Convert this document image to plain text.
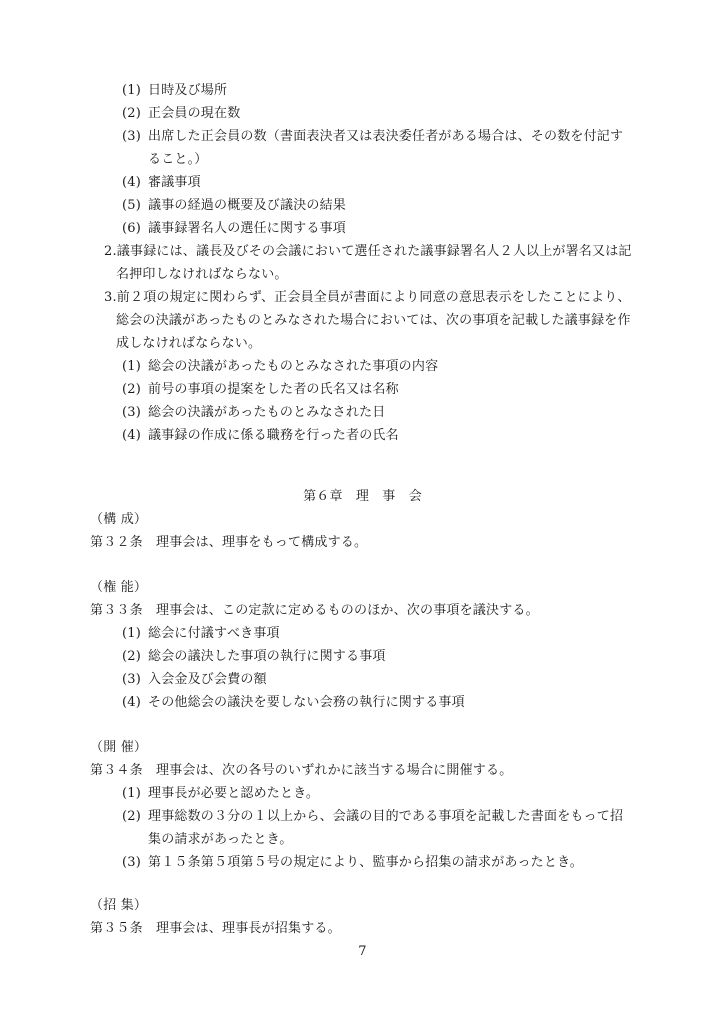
(1) 日時及び場所
(2) 正会員の現在数
(3) 出席した正会員の数（書面表決者又は表決委任者がある場合は、その数を付記す
ること。）
(4) 審議事項
(5) 議事の経過の概要及び議決の結果
(6) 議事録署名人の選任に関する事項
2.議事録には、議長及びその会議において選任された議事録署名人２人以上が署名又は記
名押印しなければならない。
3.前２項の規定に関わらず、正会員全員が書面により同意の意思表示をしたことにより、
総会の決議があったものとみなされた場合においては、次の事項を記載した議事録を作
成しなければならない。
(1) 総会の決議があったものとみなされた事項の内容
(2) 前号の事項の提案をした者の氏名又は名称
(3) 総会の決議があったものとみなされた日
(4) 議事録の作成に係る職務を行った者の氏名
第６章　理　事　会
（構 成）
第３２条　理事会は、理事をもって構成する。
（権 能）
第３３条　理事会は、この定款に定めるもののほか、次の事項を議決する。
(1) 総会に付議すべき事項
(2) 総会の議決した事項の執行に関する事項
(3) 入会金及び会費の額
(4) その他総会の議決を要しない会務の執行に関する事項
（開 催）
第３４条　理事会は、次の各号のいずれかに該当する場合に開催する。
(1) 理事長が必要と認めたとき。
(2) 理事総数の３分の１以上から、会議の目的である事項を記載した書面をもって招
集の請求があったとき。
(3) 第１５条第５項第５号の規定により、監事から招集の請求があったとき。
（招 集）
第３５条　理事会は、理事長が招集する。
7
